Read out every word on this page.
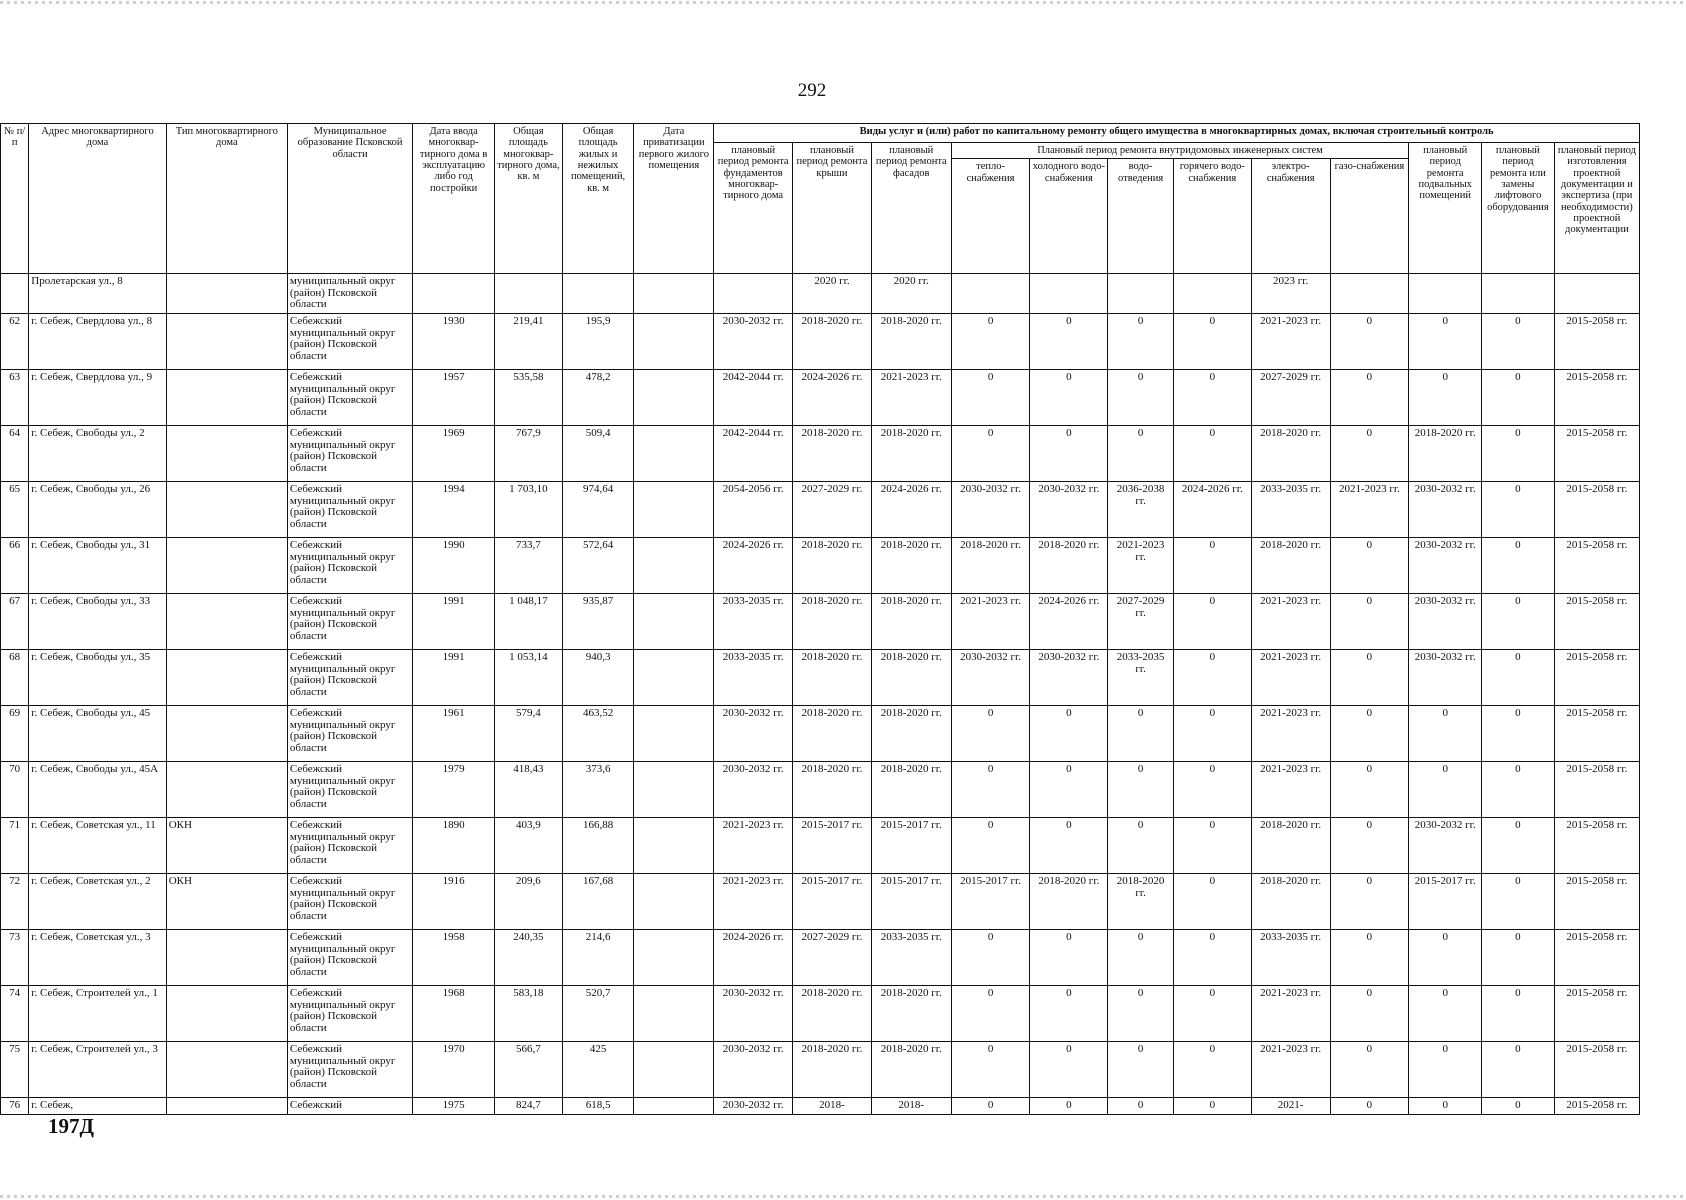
292
№ п/п	Адрес многоквартирного дома	Тип многоквартирного дома	Муниципальное образование Псковской области	Дата ввода многоквар-тирного дома в эксплуатацию либо год постройки	Общая площадь многоквар-тирного дома, кв. м	Общая площадь жилых и нежилых помещений, кв. м	Дата приватизации первого жилого помещения	Виды услуг и (или) работ по капитальному ремонту общего имущества в многоквартирных домах, включая строительный контроль											
								плановый период ремонта фундаментов многоквар-тирного дома	плановый период ремонта крыши	плановый период ремонта фасадов	Плановый период ремонта внутридомовых инженерных систем						плановый период ремонта подвальных помещений	плановый период ремонта или замены лифтового оборудования	плановый период изготовления проектной документации и экспертиза (при необходимости) проектной документации
											тепло-снабжения	холодного водо-снабжения	водо-отведения	горячего водо-снабжения	электро-снабжения	газо-снабжения			
	Пролетарская ул., 8		муниципальный округ (район) Псковской области						2020 гг.	2020 гг.					2023 гг.				
62	г. Себеж, Свердлова ул., 8		Себежский муниципальный округ (район) Псковской области	1930	219,41	195,9		2030-2032 гг.	2018-2020 гг.	2018-2020 гг.	0	0	0	0	2021-2023 гг.	0	0	0	2015-2058 гг.
63	г. Себеж, Свердлова ул., 9		Себежский муниципальный округ (район) Псковской области	1957	535,58	478,2		2042-2044 гг.	2024-2026 гг.	2021-2023 гг.	0	0	0	0	2027-2029 гг.	0	0	0	2015-2058 гг.
64	г. Себеж, Свободы ул., 2		Себежский муниципальный округ (район) Псковской области	1969	767,9	509,4		2042-2044 гг.	2018-2020 гг.	2018-2020 гг.	0	0	0	0	2018-2020 гг.	0	2018-2020 гг.	0	2015-2058 гг.
65	г. Себеж, Свободы ул., 26		Себежский муниципальный округ (район) Псковской области	1994	1 703,10	974,64		2054-2056 гг.	2027-2029 гг.	2024-2026 гг.	2030-2032 гг.	2030-2032 гг.	2036-2038 гг.	2024-2026 гг.	2033-2035 гг.	2021-2023 гг.	2030-2032 гг.	0	2015-2058 гг.
66	г. Себеж, Свободы ул., 31		Себежский муниципальный округ (район) Псковской области	1990	733,7	572,64		2024-2026 гг.	2018-2020 гг.	2018-2020 гг.	2018-2020 гг.	2018-2020 гг.	2021-2023 гг.	0	2018-2020 гг.	0	2030-2032 гг.	0	2015-2058 гг.
67	г. Себеж, Свободы ул., 33		Себежский муниципальный округ (район) Псковской области	1991	1 048,17	935,87		2033-2035 гг.	2018-2020 гг.	2018-2020 гг.	2021-2023 гг.	2024-2026 гг.	2027-2029 гг.	0	2021-2023 гг.	0	2030-2032 гг.	0	2015-2058 гг.
68	г. Себеж, Свободы ул., 35		Себежский муниципальный округ (район) Псковской области	1991	1 053,14	940,3		2033-2035 гг.	2018-2020 гг.	2018-2020 гг.	2030-2032 гг.	2030-2032 гг.	2033-2035 гг.	0	2021-2023 гг.	0	2030-2032 гг.	0	2015-2058 гг.
69	г. Себеж, Свободы ул., 45		Себежский муниципальный округ (район) Псковской области	1961	579,4	463,52		2030-2032 гг.	2018-2020 гг.	2018-2020 гг.	0	0	0	0	2021-2023 гг.	0	0	0	2015-2058 гг.
70	г. Себеж, Свободы ул., 45А		Себежский муниципальный округ (район) Псковской области	1979	418,43	373,6		2030-2032 гг.	2018-2020 гг.	2018-2020 гг.	0	0	0	0	2021-2023 гг.	0	0	0	2015-2058 гг.
71	г. Себеж, Советская ул., 11	ОКН	Себежский муниципальный округ (район) Псковской области	1890	403,9	166,88		2021-2023 гг.	2015-2017 гг.	2015-2017 гг.	0	0	0	0	2018-2020 гг.	0	2030-2032 гг.	0	2015-2058 гг.
72	г. Себеж, Советская ул., 2	ОКН	Себежский муниципальный округ (район) Псковской области	1916	209,6	167,68		2021-2023 гг.	2015-2017 гг.	2015-2017 гг.	2015-2017 гг.	2018-2020 гг.	2018-2020 гг.	0	2018-2020 гг.	0	2015-2017 гг.	0	2015-2058 гг.
73	г. Себеж, Советская ул., 3		Себежский муниципальный округ (район) Псковской области	1958	240,35	214,6		2024-2026 гг.	2027-2029 гг.	2033-2035 гг.	0	0	0	0	2033-2035 гг.	0	0	0	2015-2058 гг.
74	г. Себеж, Строителей ул., 1		Себежский муниципальный округ (район) Псковской области	1968	583,18	520,7		2030-2032 гг.	2018-2020 гг.	2018-2020 гг.	0	0	0	0	2021-2023 гг.	0	0	0	2015-2058 гг.
75	г. Себеж, Строителей ул., 3		Себежский муниципальный округ (район) Псковской области	1970	566,7	425		2030-2032 гг.	2018-2020 гг.	2018-2020 гг.	0	0	0	0	2021-2023 гг.	0	0	0	2015-2058 гг.
76	г. Себеж,		Себежский	1975	824,7	618,5		2030-2032 гг.	2018-	2018-	0	0	0	0	2021-	0	0	0	2015-2058 гг.
197Д
